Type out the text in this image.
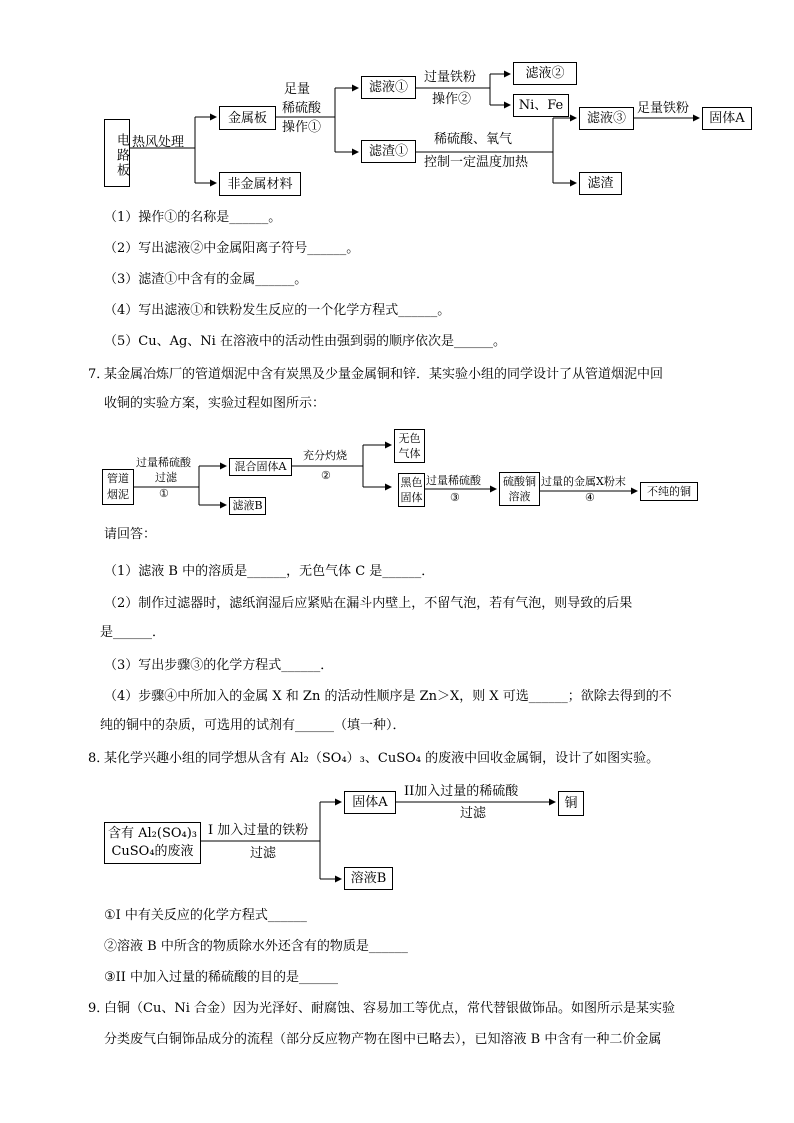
电路板 热风处理
金属板
非金属材料
足量
稀硫酸
操作①
滤液①
滤渣①
过量铁粉
操作②
滤液②
Ni、Fe
稀硫酸、氧气
控制一定温度加热
滤液③
滤渣
足量铁粉
固体A
（1）操作①的名称是______。
（2）写出滤液②中金属阳离子符号______。
（3）滤渣①中含有的金属______。
（4）写出滤液①和铁粉发生反应的一个化学方程式______。
（5）Cu、Ag、Ni 在溶液中的活动性由强到弱的顺序依次是______。
7．
某金属冶炼厂的管道烟泥中含有炭黑及少量金属铜和锌．某实验小组的同学设计了从管道烟泥中回
收铜的实验方案，实验过程如图所示：
管道烟泥
过量稀硫酸
过滤
①
混合固体A
滤液B
充分灼烧
②
无色气体
黑色固体
过量稀硫酸
③
硫酸铜溶液
过量的金属X粉末
④	不纯的铜
请回答：
（1）滤液 B 中的溶质是______，无色气体 C 是______．
（2）制作过滤器时，滤纸润湿后应紧贴在漏斗内壁上，不留气泡，若有气泡，则导致的后果
是______．
（3）写出步骤③的化学方程式______．
（4）步骤④中所加入的金属 X 和 Zn 的活动性顺序是 Zn＞X，则 X 可选______；欲除去得到的不
纯的铜中的杂质，可选用的试剂有______（填一种）．
8．
某化学兴趣小组的同学想从含有 Al₂（SO₄）₃、CuSO₄ 的废液中回收金属铜，设计了如图实验。
含有 Al₂(SO₄)₃
CuSO₄的废液
I 加入过量的铁粉
过滤
固体A
II加入过量的稀硫酸
过滤
铜
溶液B
①I 中有关反应的化学方程式______
②溶液 B 中所含的物质除水外还含有的物质是______
③II 中加入过量的稀硫酸的目的是______
9．
白铜（Cu、Ni 合金）因为光泽好、耐腐蚀、容易加工等优点，常代替银做饰品。如图所示是某实验
分类废气白铜饰品成分的流程（部分反应物产物在图中已略去），已知溶液 B 中含有一种二价金属
